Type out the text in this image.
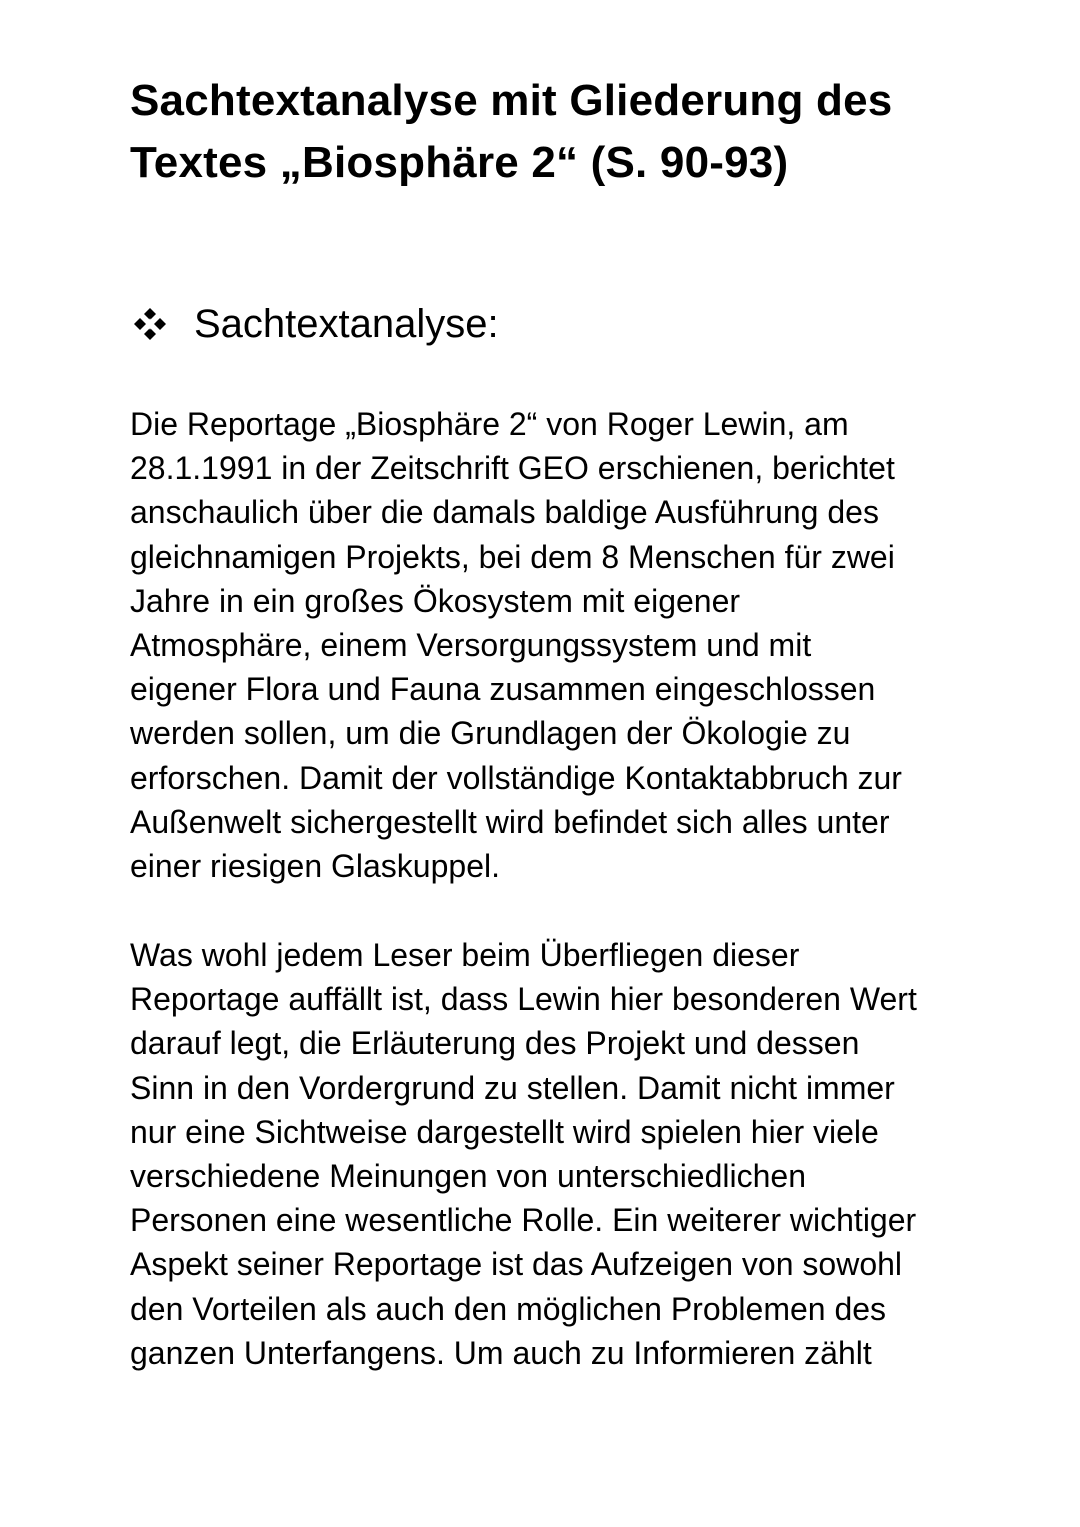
Sachtextanalyse mit Gliederung des
Textes „Biosphäre 2“ (S. 90-93)
Sachtextanalyse:
Die Reportage „Biosphäre 2“ von Roger Lewin, am
28.1.1991 in der Zeitschrift GEO erschienen, berichtet
anschaulich über die damals baldige Ausführung des
gleichnamigen Projekts, bei dem 8 Menschen für zwei
Jahre in ein großes Ökosystem mit eigener
Atmosphäre, einem Versorgungssystem und mit
eigener Flora und Fauna zusammen eingeschlossen
werden sollen, um die Grundlagen der Ökologie zu
erforschen. Damit der vollständige Kontaktabbruch zur
Außenwelt sichergestellt wird befindet sich alles unter
einer riesigen Glaskuppel.
Was wohl jedem Leser beim Überfliegen dieser
Reportage auffällt ist, dass Lewin hier besonderen Wert
darauf legt, die Erläuterung des Projekt und dessen
Sinn in den Vordergrund zu stellen. Damit nicht immer
nur eine Sichtweise dargestellt wird spielen hier viele
verschiedene Meinungen von unterschiedlichen
Personen eine wesentliche Rolle. Ein weiterer wichtiger
Aspekt seiner Reportage ist das Aufzeigen von sowohl
den Vorteilen als auch den möglichen Problemen des
ganzen Unterfangens. Um auch zu Informieren zählt
